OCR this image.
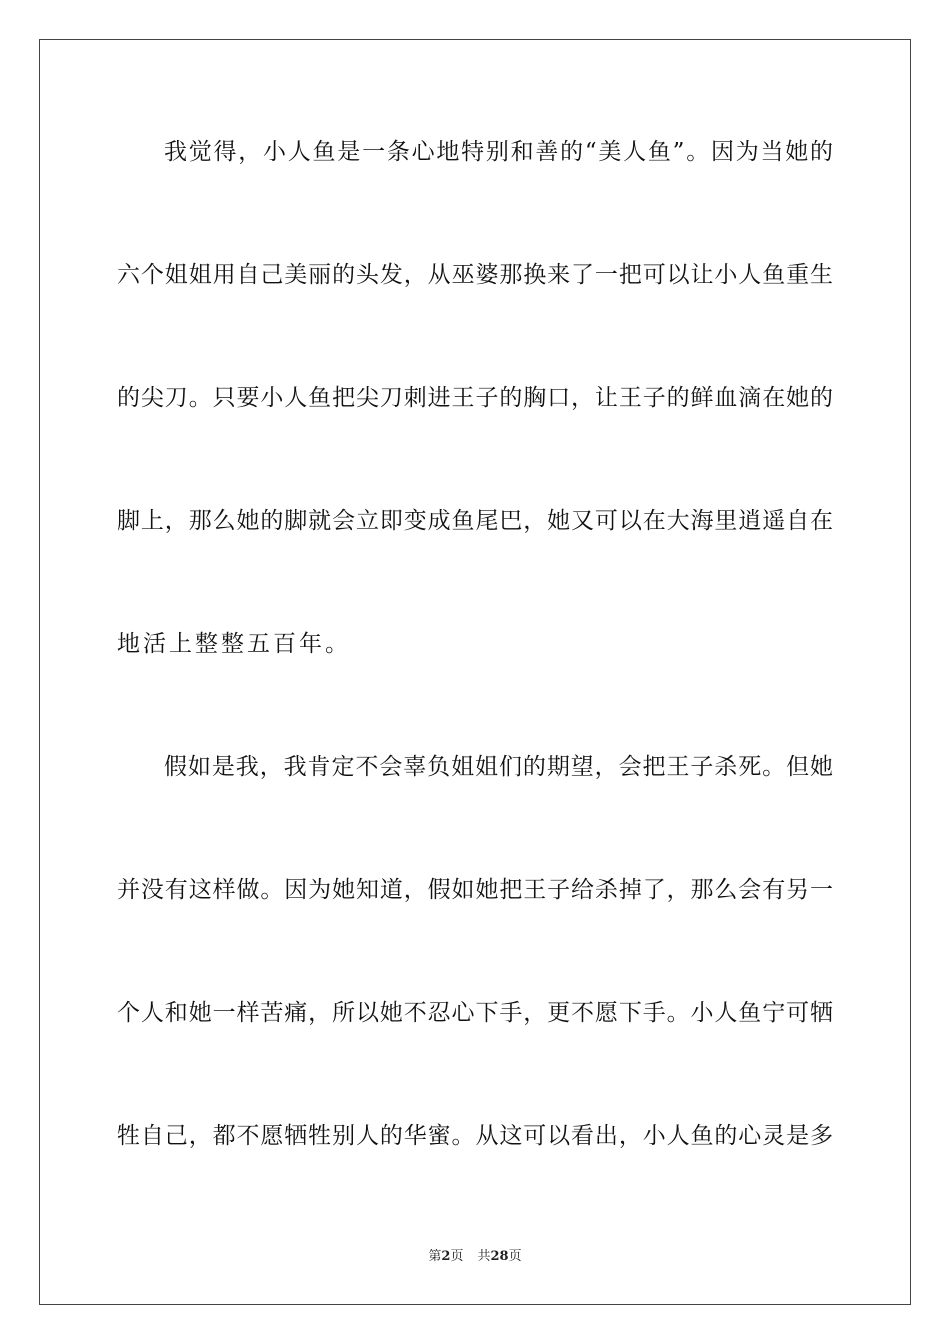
我觉得，小人鱼是一条心地特别和善的“美人鱼”。因为当她的
六个姐姐用自己美丽的头发，从巫婆那换来了一把可以让小人鱼重生
的尖刀。只要小人鱼把尖刀刺进王子的胸口，让王子的鲜血滴在她的
脚上，那么她的脚就会立即变成鱼尾巴，她又可以在大海里逍遥自在
地活上整整五百年。
假如是我，我肯定不会辜负姐姐们的期望，会把王子杀死。但她
并没有这样做。因为她知道，假如她把王子给杀掉了，那么会有另一
个人和她一样苦痛，所以她不忍心下手，更不愿下手。小人鱼宁可牺
牲自己，都不愿牺牲别人的华蜜。从这可以看出，小人鱼的心灵是多
第2页 共28页
